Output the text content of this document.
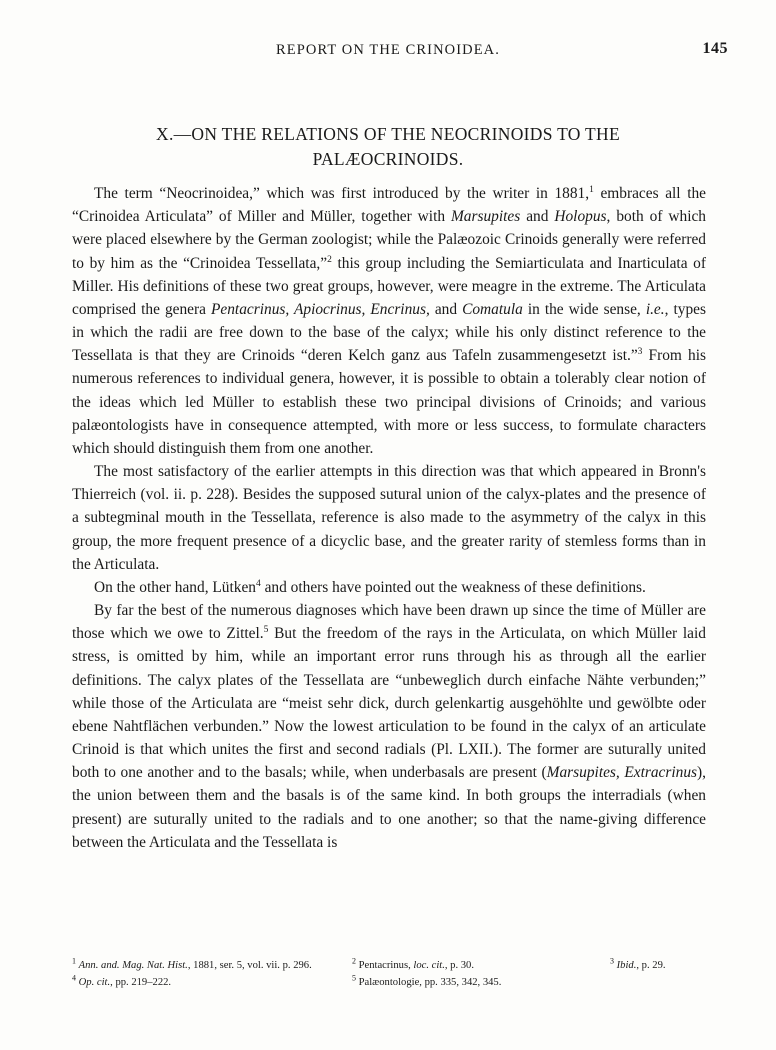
REPORT ON THE CRINOIDEA.	145
X.—ON THE RELATIONS OF THE NEOCRINOIDS TO THE
PALÆOCRINOIDS.

The term “Neocrinoidea,” which was first introduced by the writer in 1881,$^1$ embraces all the “Crinoidea Articulata” of Miller and Müller, together with Marsupites and Holopus, both of which were placed elsewhere by the German zoologist; while the Palæozoic Crinoids generally were referred to by him as the “Crinoidea Tessellata,”$^2$ this group including the Semiarticulata and Inarticulata of Miller. His definitions of these two great groups, however, were meagre in the extreme. The Articulata comprised the genera Pentacrinus, Apiocrinus, Encrinus, and Comatula in the wide sense, i.e., types in which the radii are free down to the base of the calyx; while his only distinct reference to the Tessellata is that they are Crinoids “deren Kelch ganz aus Tafeln zusammengesetzt ist.”$^3$ From his numerous references to individual genera, however, it is possible to obtain a tolerably clear notion of the ideas which led Müller to establish these two principal divisions of Crinoids; and various palæontologists have in consequence attempted, with more or less success, to formulate characters which should distinguish them from one another.

The most satisfactory of the earlier attempts in this direction was that which appeared in Bronn's Thierreich (vol. ii. p. 228). Besides the supposed sutural union of the calyx-plates and the presence of a subtegminal mouth in the Tessellata, reference is also made to the asymmetry of the calyx in this group, the more frequent presence of a dicyclic base, and the greater rarity of stemless forms than in the Articulata.

On the other hand, Lütken$^4$ and others have pointed out the weakness of these definitions.

By far the best of the numerous diagnoses which have been drawn up since the time of Müller are those which we owe to Zittel.$^5$ But the freedom of the rays in the Articulata, on which Müller laid stress, is omitted by him, while an important error runs through his as through all the earlier definitions. The calyx plates of the Tessellata are “unbeweglich durch einfache Nähte verbunden;” while those of the Articulata are “meist sehr dick, durch gelenkartig ausgehöhlte und gewölbte oder ebene Nahtflächen verbunden.” Now the lowest articulation to be found in the calyx of an articulate Crinoid is that which unites the first and second radials (Pl. LXII.). The former are suturally united both to one another and to the basals; while, when underbasals are present (Marsupites, Extracrinus), the union between them and the basals is of the same kind. In both groups the interradials (when present) are suturally united to the radials and to one another; so that the name-giving difference between the Articulata and the Tessellata is

$^1$ Ann. and. Mag. Nat. Hist., 1881, ser. 5, vol. vii. p. 296.	$^2$ Pentacrinus, loc. cit., p. 30.	$^3$ Ibid., p. 29.
$^4$ Op. cit., pp. 219–222.	$^5$ Palæontologie, pp. 335, 342, 345.
